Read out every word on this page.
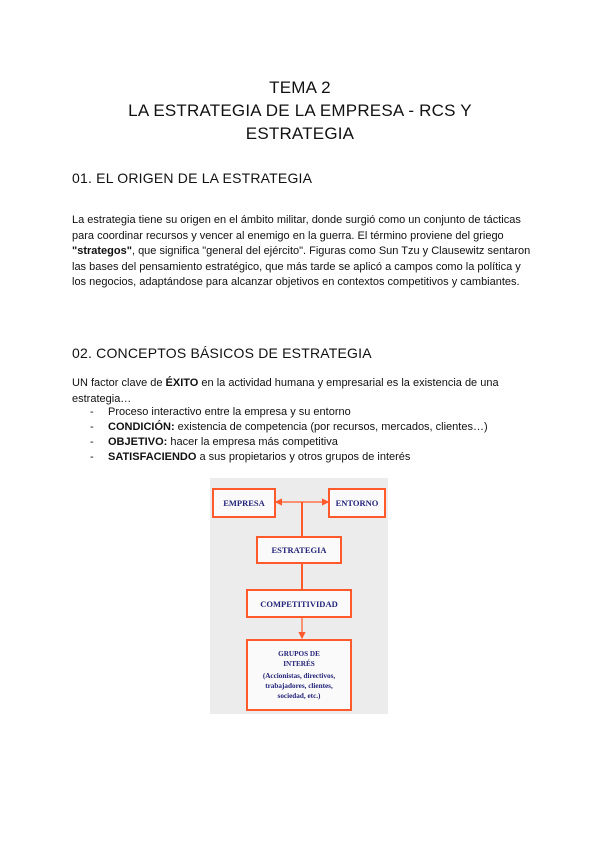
TEMA 2
LA ESTRATEGIA DE LA EMPRESA - RCS Y
ESTRATEGIA
01. EL ORIGEN DE LA ESTRATEGIA
La estrategia tiene su origen en el ámbito militar, donde surgió como un conjunto de tácticas para coordinar recursos y vencer al enemigo en la guerra. El término proviene del griego "strategos", que significa "general del ejército". Figuras como Sun Tzu y Clausewitz sentaron las bases del pensamiento estratégico, que más tarde se aplicó a campos como la política y los negocios, adaptándose para alcanzar objetivos en contextos competitivos y cambiantes.
02. CONCEPTOS BÁSICOS DE ESTRATEGIA
UN factor clave de ÉXITO en la actividad humana y empresarial es la existencia de una estrategia…
- Proceso interactivo entre la empresa y su entorno
- CONDICIÓN: existencia de competencia (por recursos, mercados, clientes…)
- OBJETIVO: hacer la empresa más competitiva
- SATISFACIENDO a sus propietarios y otros grupos de interés
EMPRESA	ENTORNO
ESTRATEGIA
COMPETITIVIDAD
GRUPOS DE
INTERÉS
(Accionistas, directivos,
trabajadores, clientes,
sociedad, etc.)
